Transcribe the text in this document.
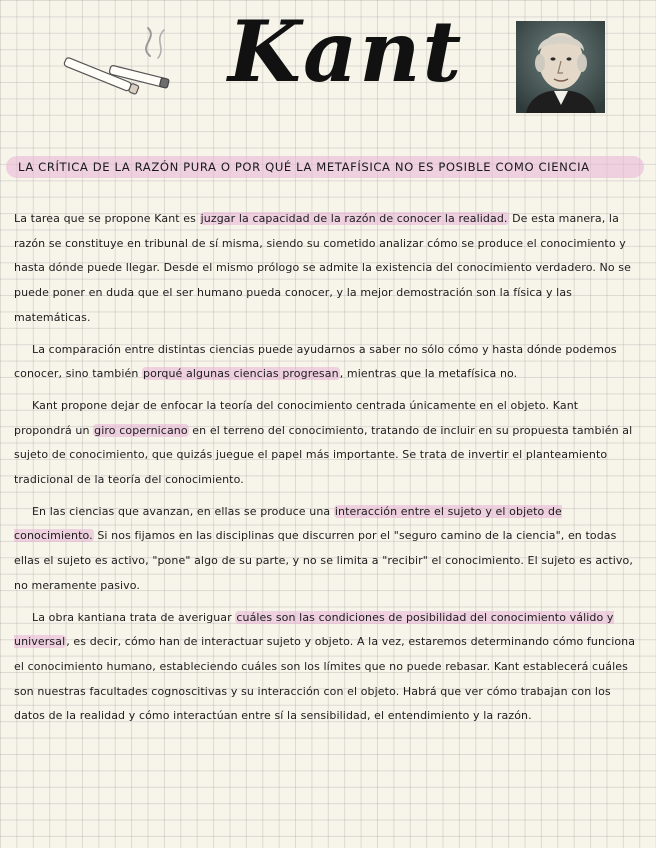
Kant
LA CRÍTICA DE LA RAZÓN PURA O POR QUÉ LA METAFÍSICA NO ES POSIBLE COMO CIENCIA

La tarea que se propone Kant es juzgar la capacidad de la razón de conocer la realidad. De esta manera, la razón se constituye en tribunal de sí misma, siendo su cometido analizar cómo se produce el conocimiento y hasta dónde puede llegar. Desde el mismo prólogo se admite la existencia del conocimiento verdadero. No se puede poner en duda que el ser humano pueda conocer, y la mejor demostración son la física y las matemáticas.

La comparación entre distintas ciencias puede ayudarnos a saber no sólo cómo y hasta dónde podemos conocer, sino también porqué algunas ciencias progresan, mientras que la metafísica no.

Kant propone dejar de enfocar la teoría del conocimiento centrada únicamente en el objeto. Kant propondrá un giro copernicano en el terreno del conocimiento, tratando de incluir en su propuesta también al sujeto de conocimiento, que quizás juegue el papel más importante. Se trata de invertir el planteamiento tradicional de la teoría del conocimiento.

En las ciencias que avanzan, en ellas se produce una interacción entre el sujeto y el objeto de conocimiento. Si nos fijamos en las disciplinas que discurren por el "seguro camino de la ciencia", en todas ellas el sujeto es activo, "pone" algo de su parte, y no se limita a "recibir" el conocimiento. El sujeto es activo, no meramente pasivo.

La obra kantiana trata de averiguar cuáles son las condiciones de posibilidad del conocimiento válido y universal, es decir, cómo han de interactuar sujeto y objeto. A la vez, estaremos determinando cómo funciona el conocimiento humano, estableciendo cuáles son los límites que no puede rebasar. Kant establecerá cuáles son nuestras facultades cognoscitivas y su interacción con el objeto. Habrá que ver cómo trabajan con los datos de la realidad y cómo interactúan entre sí la sensibilidad, el entendimiento y la razón.
